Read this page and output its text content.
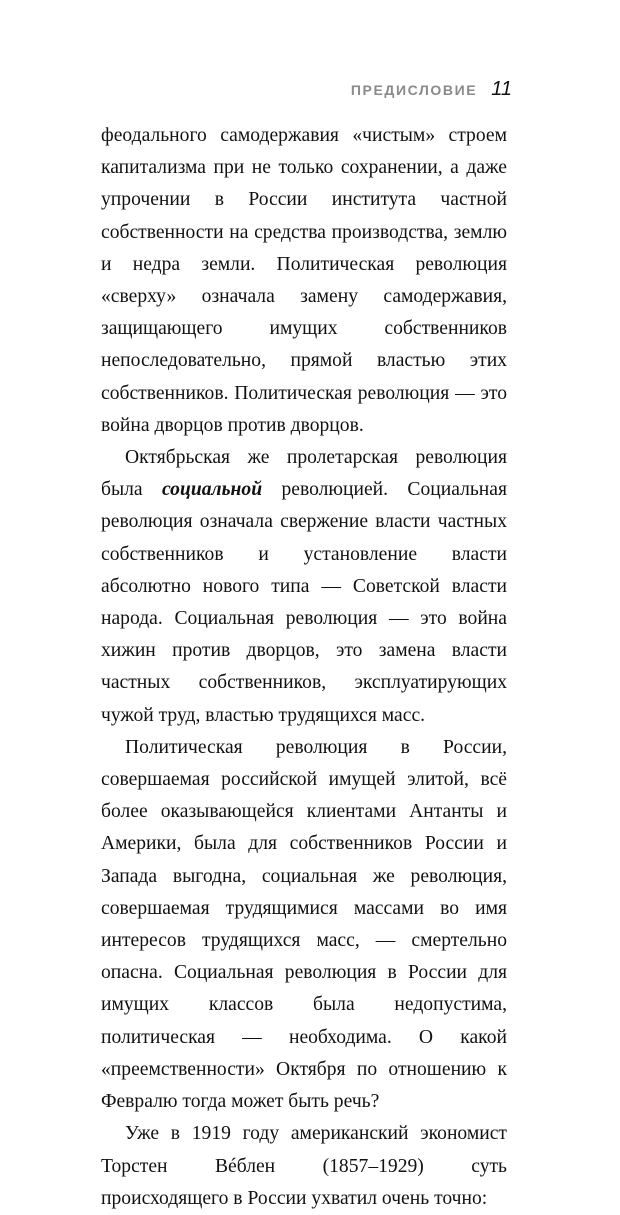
ПРЕДИСЛОВИЕ 11

феодального самодержавия «чистым» строем капитализма при не только сохранении, а даже упрочении в России института частной собственности на средства производства, землю и недра земли. Политическая революция «сверху» означала замену самодержавия, защищающего имущих собственников непоследовательно, прямой властью этих собственников. Политическая революция — это война дворцов против дворцов.

Октябрьская же пролетарская революция была социальной революцией. Социальная революция означала свержение власти частных собственников и установление власти абсолютно нового типа — Советской власти народа. Социальная революция — это война хижин против дворцов, это замена власти частных собственников, эксплуатирующих чужой труд, властью трудящихся масс.

Политическая революция в России, совершаемая российской имущей элитой, всё более оказывающейся клиентами Антанты и Америки, была для собственников России и Запада выгодна, социальная же революция, совершаемая трудящимися массами во имя интересов трудящихся масс, — смертельно опасна. Социальная революция в России для имущих классов была недопустима, политическая — необходима. О какой «преемственности» Октября по отношению к Февралю тогда может быть речь?

Уже в 1919 году американский экономист Торстен Вéблен (1857–1929) суть происходящего в России ухватил очень точно:
